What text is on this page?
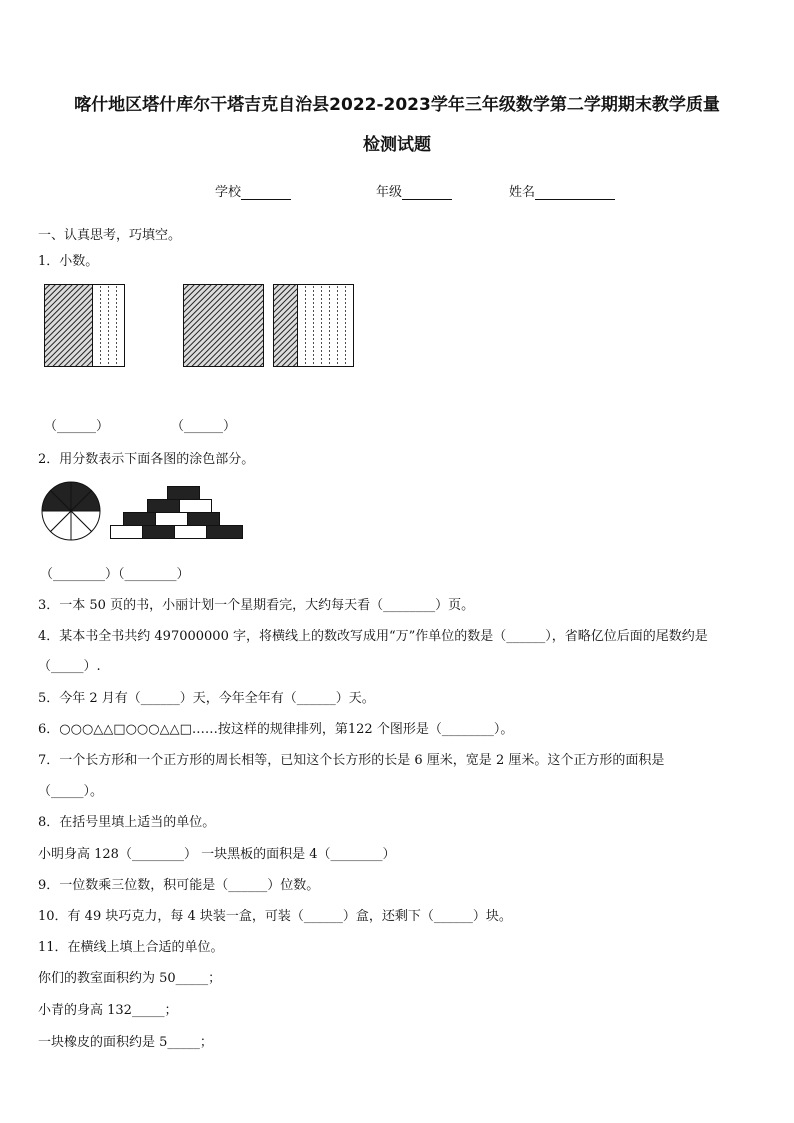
喀什地区塔什库尔干塔吉克自治县2022-2023学年三年级数学第二学期期末教学质量
检测试题
学校	年级	姓名
一、认真思考，巧填空。
1．小数。
（______）	（______）
2．用分数表示下面各图的涂色部分。
（________）（________）
3．一本 50 页的书，小丽计划一个星期看完，大约每天看（________）页。
4．某本书全书共约 497000000 字，将横线上的数改写成用“万”作单位的数是（______），省略亿位后面的尾数约是
（_____）.
5．今年 2 月有（______）天，今年全年有（______）天。
6．○○○△△□○○○△△□……按这样的规律排列，第122 个图形是（________）。
7．一个长方形和一个正方形的周长相等，已知这个长方形的长是 6 厘米，宽是 2 厘米。这个正方形的面积是
（_____）。
8．在括号里填上适当的单位。
小明身高 128（________） 一块黑板的面积是 4（________）
9．一位数乘三位数，积可能是（______）位数。
10．有 49 块巧克力，每 4 块装一盒，可装（______）盒，还剩下（______）块。
11．在横线上填上合适的单位。
你们的教室面积约为 50_____；
小青的身高 132_____；
一块橡皮的面积约是 5_____；
